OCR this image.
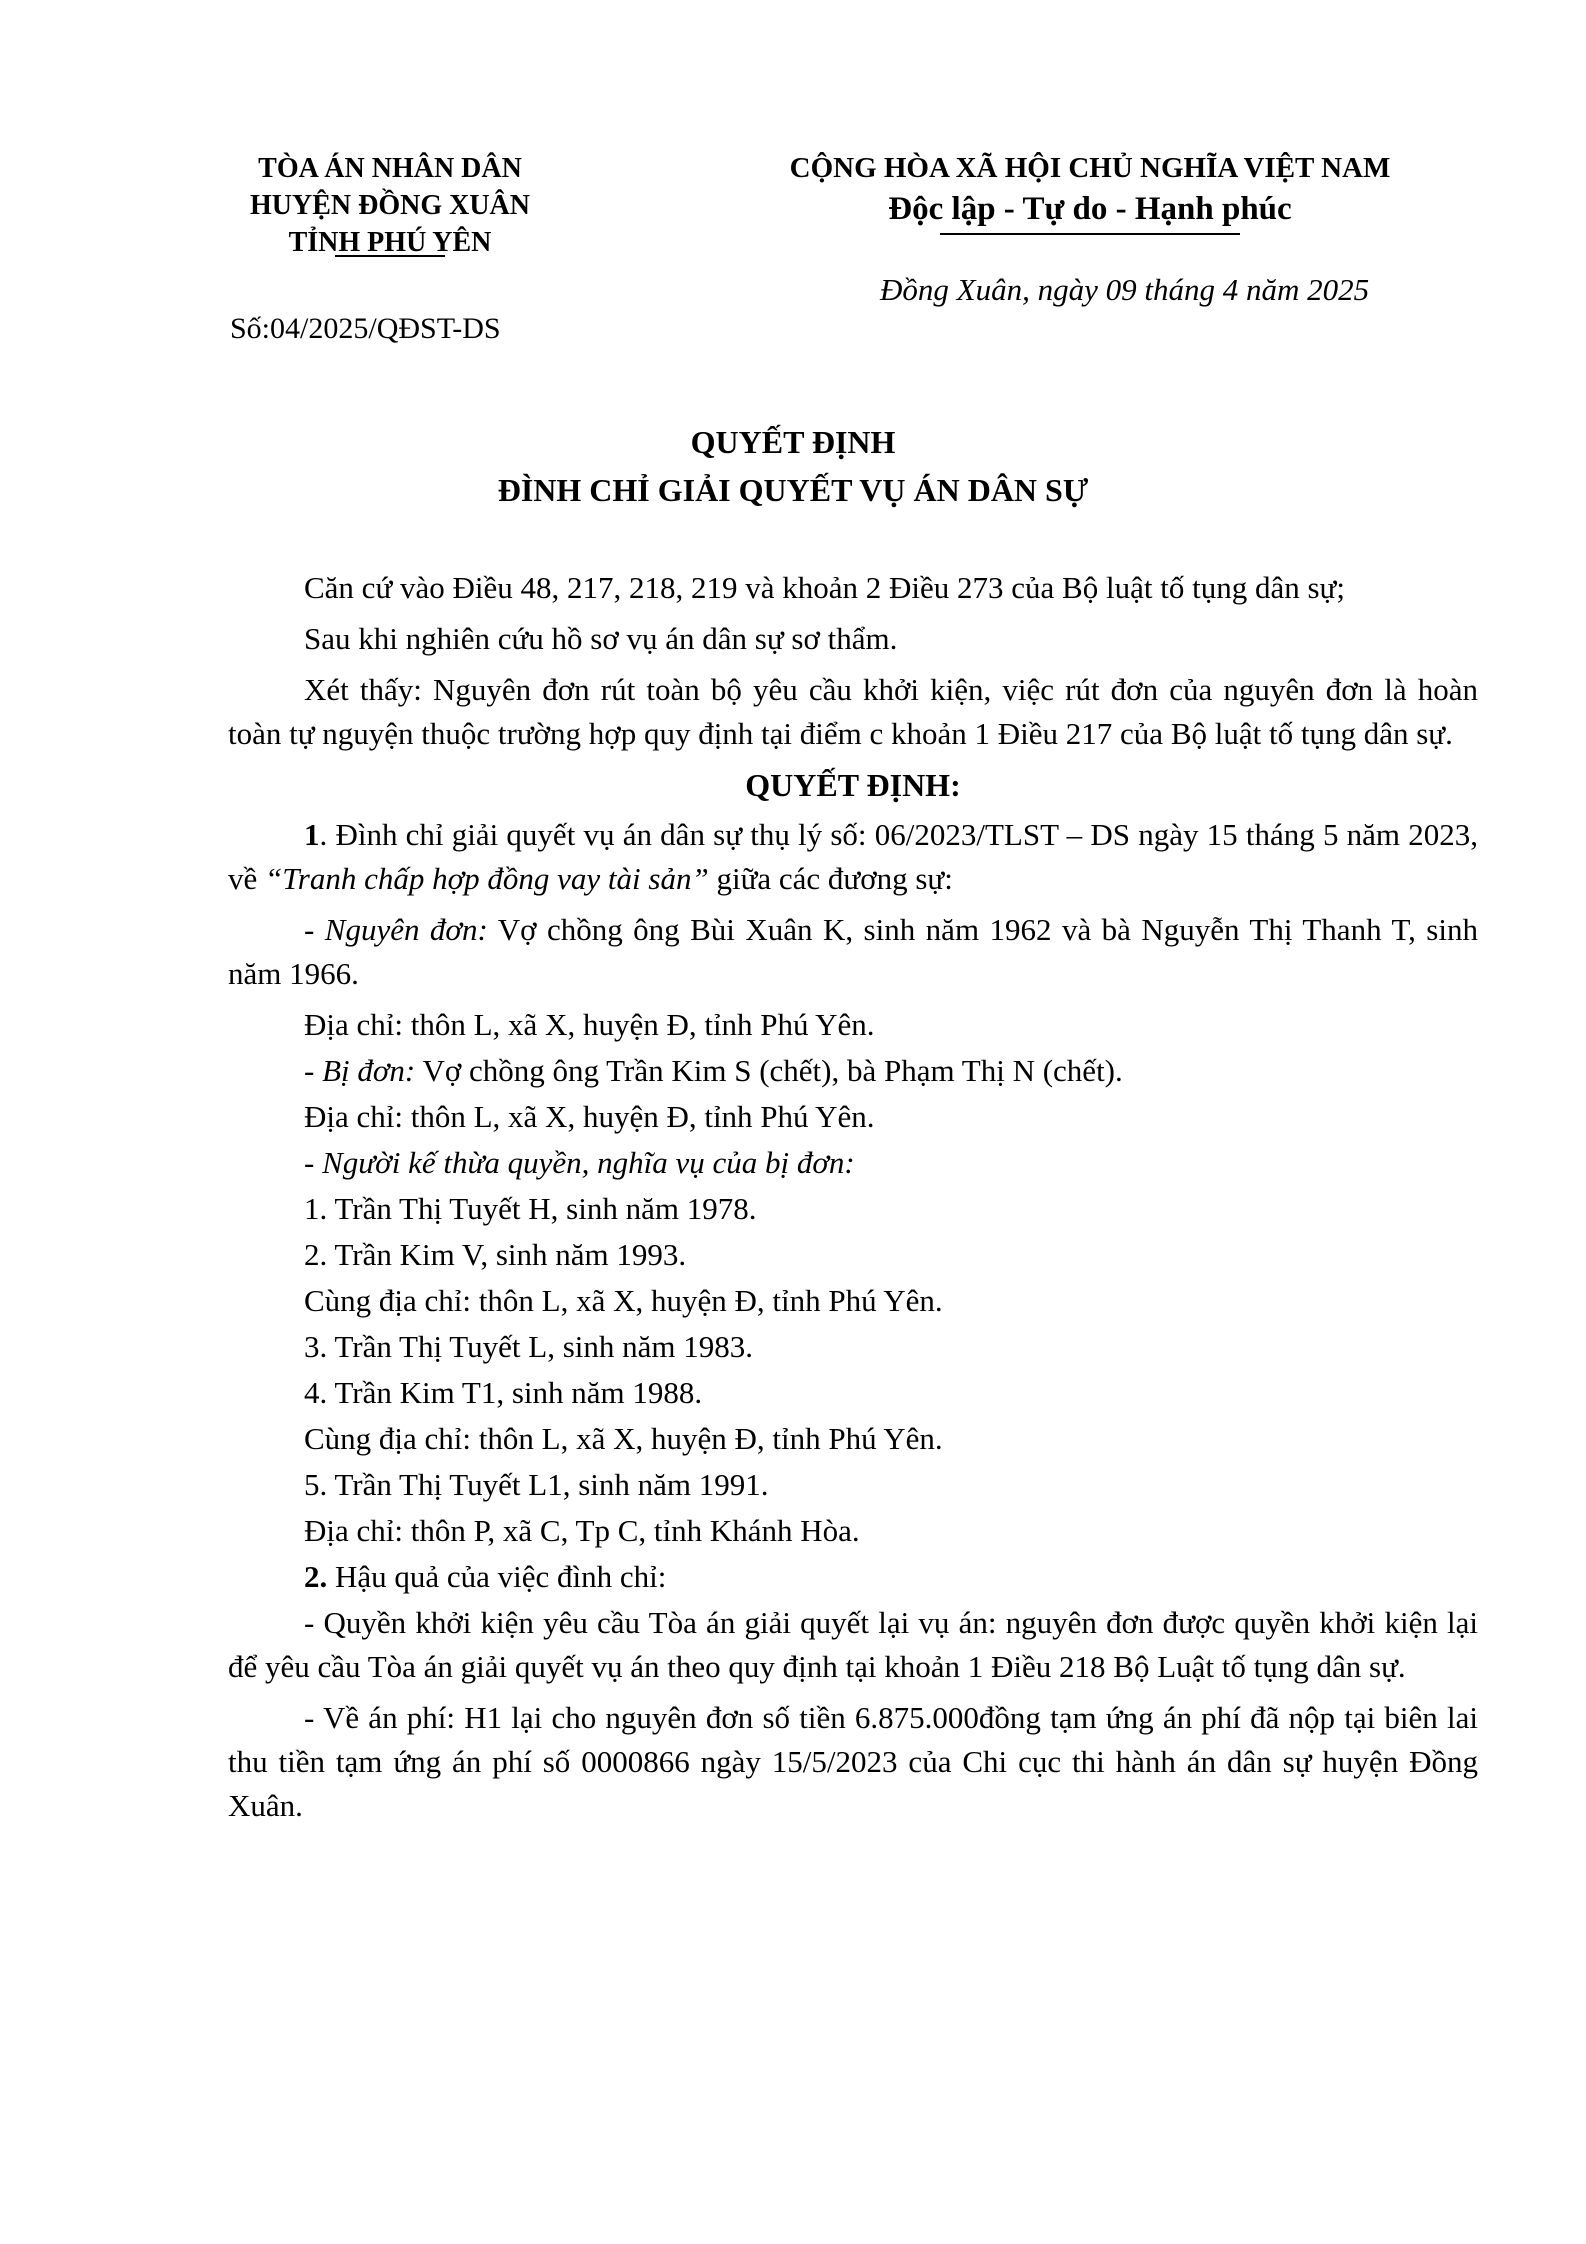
TÒA ÁN NHÂN DÂN
HUYỆN ĐỒNG XUÂN
TỈNH PHÚ YÊN
Số:04/2025/QĐST-DS
CỘNG HÒA XÃ HỘI CHỦ NGHĨA VIỆT NAM
Độc lập - Tự do - Hạnh phúc
Đồng Xuân, ngày 09 tháng 4 năm 2025
QUYẾT ĐỊNH
ĐÌNH CHỈ GIẢI QUYẾT VỤ ÁN DÂN SỰ

Căn cứ vào Điều 48, 217, 218, 219 và khoản 2 Điều 273 của Bộ luật tố tụng dân sự;

Sau khi nghiên cứu hồ sơ vụ án dân sự sơ thẩm.

Xét thấy: Nguyên đơn rút toàn bộ yêu cầu khởi kiện, việc rút đơn của nguyên đơn là hoàn toàn tự nguyện thuộc trường hợp quy định tại điểm c khoản 1 Điều 217 của Bộ luật tố tụng dân sự.

QUYẾT ĐỊNH:

1. Đình chỉ giải quyết vụ án dân sự thụ lý số: 06/2023/TLST – DS ngày 15 tháng 5 năm 2023, về “Tranh chấp hợp đồng vay tài sản” giữa các đương sự:

- Nguyên đơn: Vợ chồng ông Bùi Xuân K, sinh năm 1962 và bà Nguyễn Thị Thanh T, sinh năm 1966.

Địa chỉ: thôn L, xã X, huyện Đ, tỉnh Phú Yên.

- Bị đơn: Vợ chồng ông Trần Kim S (chết), bà Phạm Thị N (chết).

Địa chỉ: thôn L, xã X, huyện Đ, tỉnh Phú Yên.

- Người kế thừa quyền, nghĩa vụ của bị đơn:

1. Trần Thị Tuyết H, sinh năm 1978.

2. Trần Kim V, sinh năm 1993.

Cùng địa chỉ: thôn L, xã X, huyện Đ, tỉnh Phú Yên.

3. Trần Thị Tuyết L, sinh năm 1983.

4. Trần Kim T1, sinh năm 1988.

Cùng địa chỉ: thôn L, xã X, huyện Đ, tỉnh Phú Yên.

5. Trần Thị Tuyết L1, sinh năm 1991.

Địa chỉ: thôn P, xã C, Tp C, tỉnh Khánh Hòa.

2. Hậu quả của việc đình chỉ:

- Quyền khởi kiện yêu cầu Tòa án giải quyết lại vụ án: nguyên đơn được quyền khởi kiện lại để yêu cầu Tòa án giải quyết vụ án theo quy định tại khoản 1 Điều 218 Bộ Luật tố tụng dân sự.

- Về án phí: H1 lại cho nguyên đơn số tiền 6.875.000đồng tạm ứng án phí đã nộp tại biên lai thu tiền tạm ứng án phí số 0000866 ngày 15/5/2023 của Chi cục thi hành án dân sự huyện Đồng Xuân.
